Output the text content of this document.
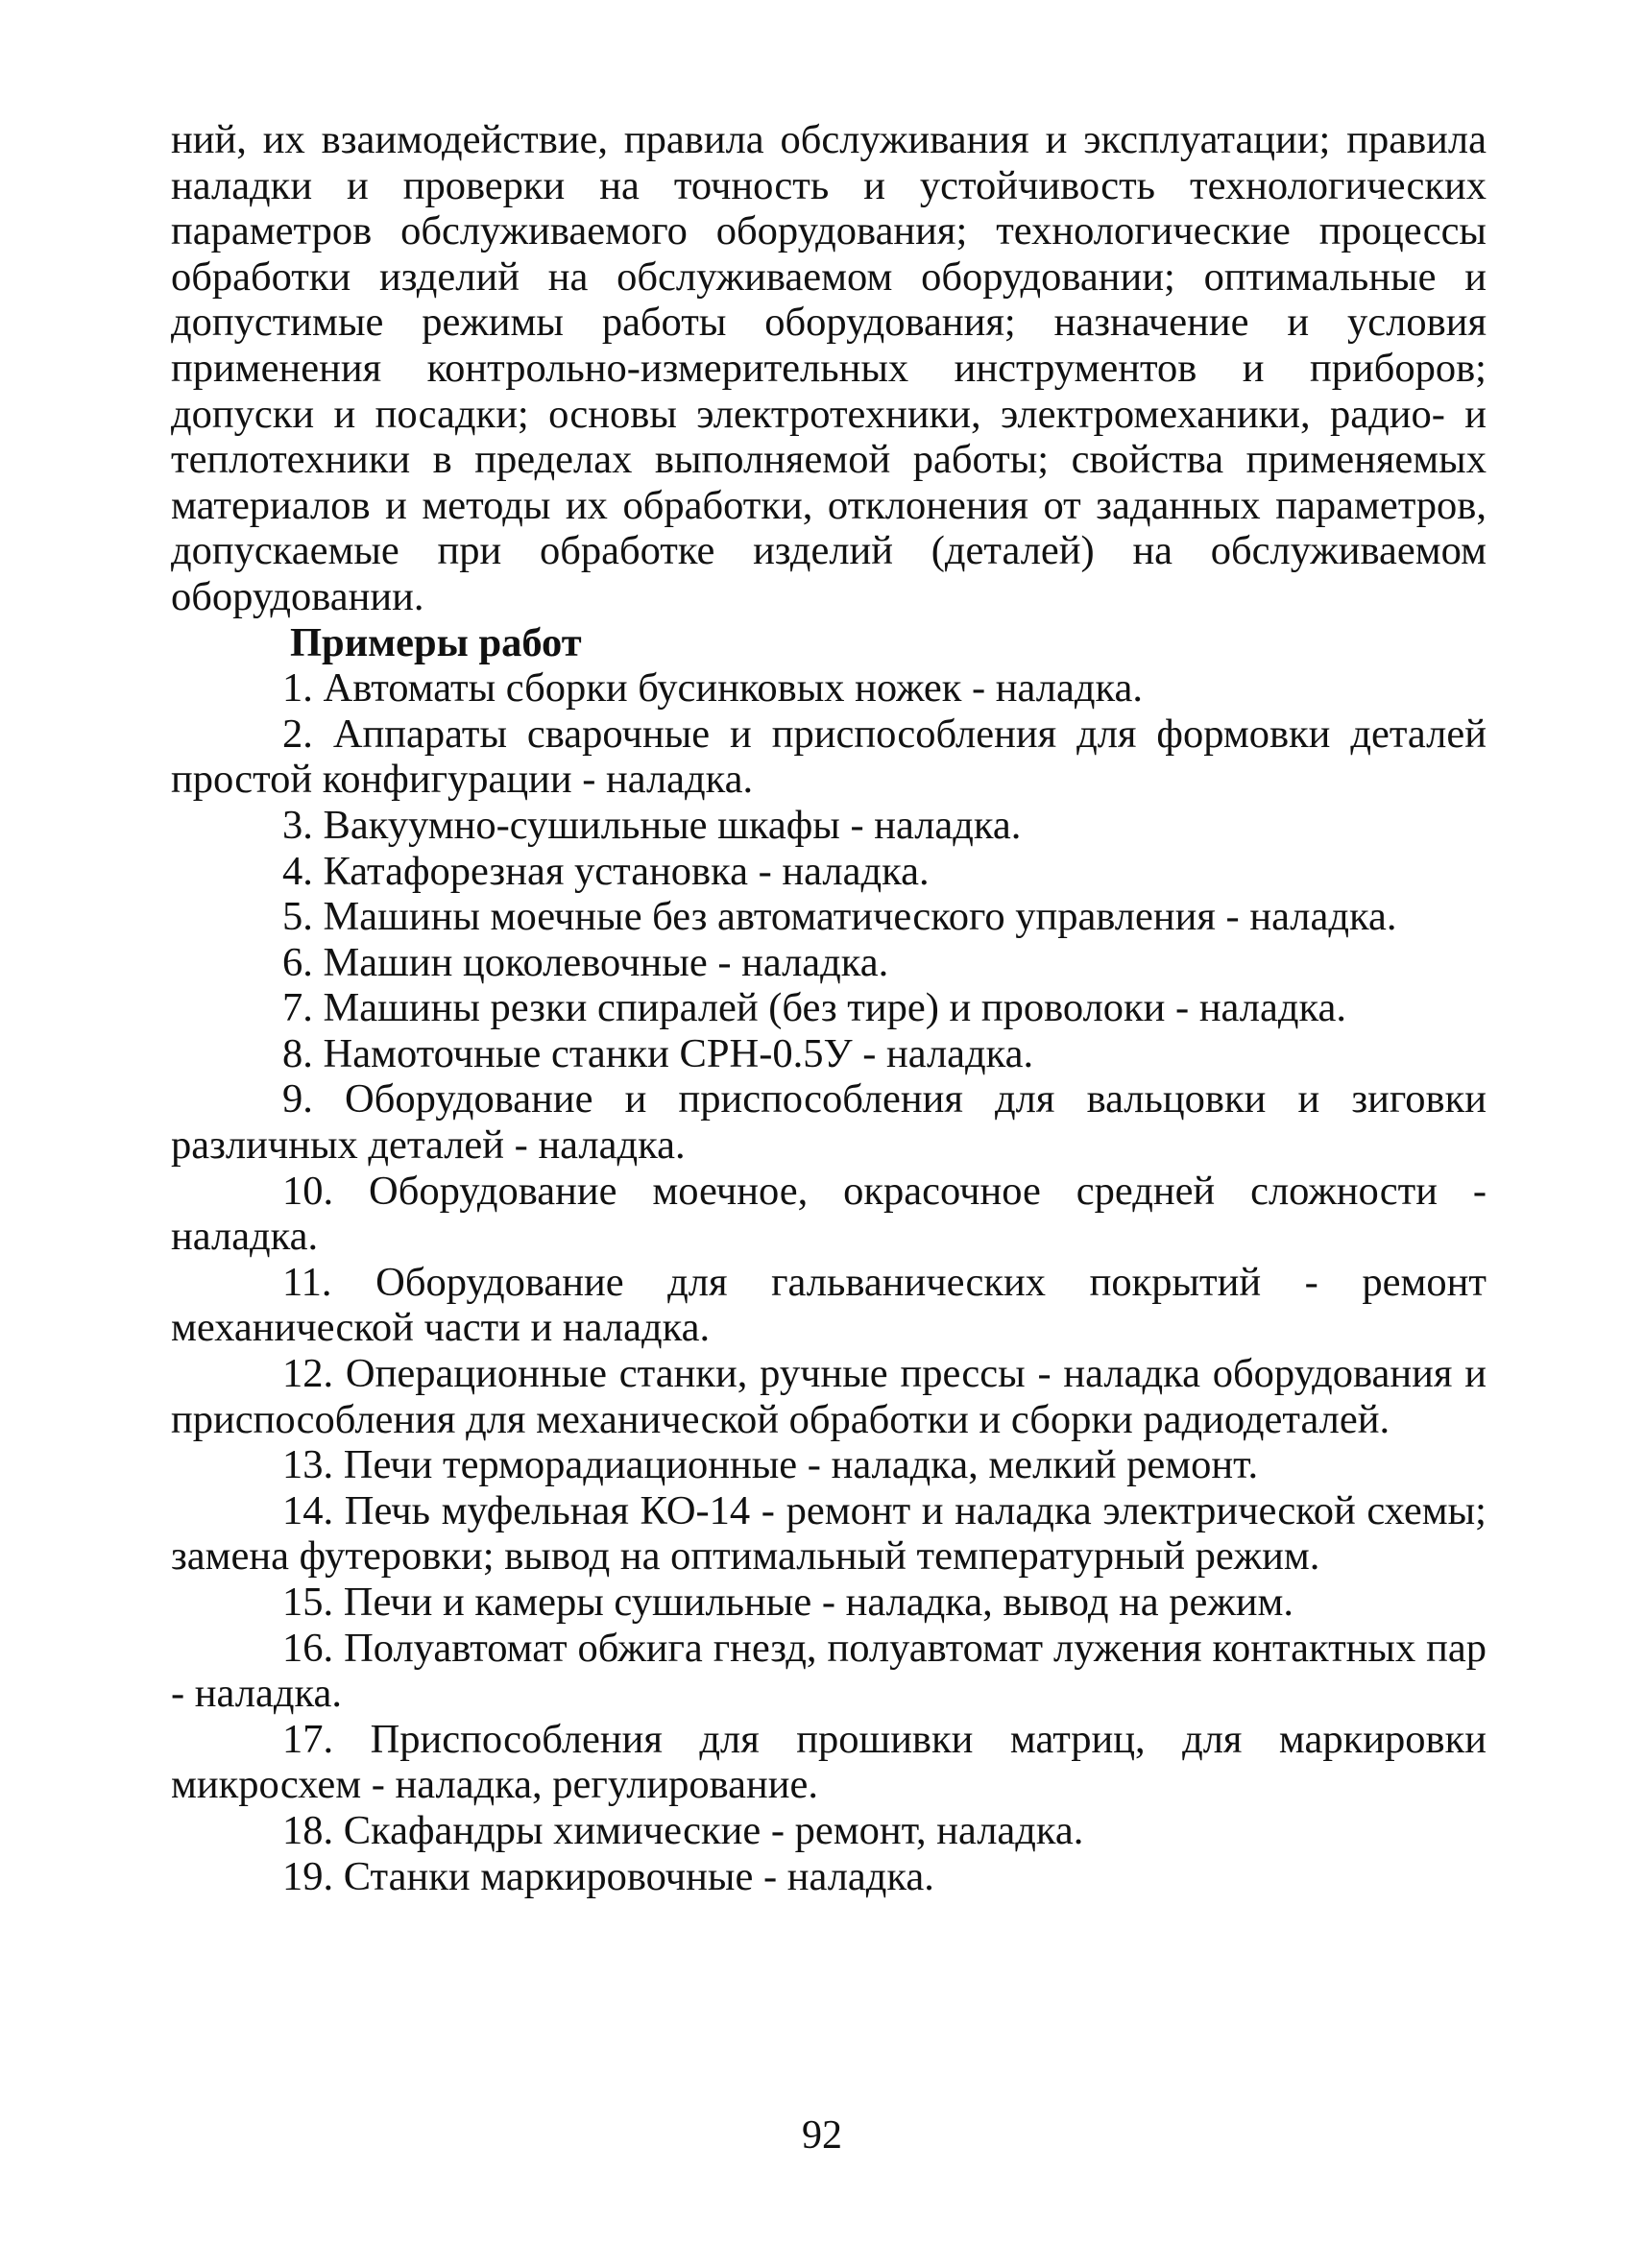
ний, их взаимодействие, правила обслуживания и эксплуатации; правила наладки и проверки на точность и устойчивость технологических параметров обслуживаемого оборудования; технологические процессы обработки изделий на обслуживаемом оборудовании; оптимальные и допустимые режимы работы оборудования; назначение и условия применения контрольно-измерительных инструментов и приборов; допуски и посадки; основы электротехники, электромеханики, радио- и теплотехники в пределах выполняемой работы; свойства применяемых материалов и методы их обработки, отклонения от заданных параметров, допускаемые при обработке изделий (деталей) на обслуживаемом оборудовании.

Примеры работ

1. Автоматы сборки бусинковых ножек - наладка.

2. Аппараты сварочные и приспособления для формовки деталей простой конфигурации - наладка.

3. Вакуумно-сушильные шкафы - наладка.

4. Катафорезная установка - наладка.

5. Машины моечные без автоматического управления - наладка.

6. Машин цоколевочные - наладка.

7. Машины резки спиралей (без тире) и проволоки - наладка.

8. Намоточные станки СРН-0.5У - наладка.

9. Оборудование и приспособления для вальцовки и зиговки различных деталей - наладка.

10. Оборудование моечное, окрасочное средней сложности - наладка.

11. Оборудование для гальванических покрытий - ремонт механической части и наладка.

12. Операционные станки, ручные прессы - наладка оборудования и приспособления для механической обработки и сборки радиодеталей.

13. Печи терморадиационные - наладка, мелкий ремонт.

14. Печь муфельная КО-14 - ремонт и наладка электрической схемы; замена футеровки; вывод на оптимальный температурный режим.

15. Печи и камеры сушильные - наладка, вывод на режим.

16. Полуавтомат обжига гнезд, полуавтомат лужения контактных пар - наладка.

17. Приспособления для прошивки матриц, для маркировки микросхем - наладка, регулирование.

18. Скафандры химические - ремонт, наладка.

19. Станки маркировочные - наладка.

92
